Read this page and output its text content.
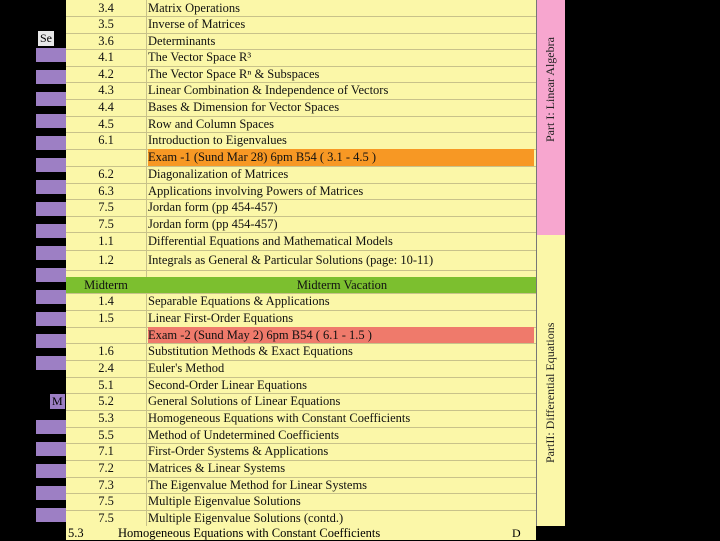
Se
M
3.4	Matrix Operations
3.5	Inverse of Matrices
3.6	Determinants
4.1	The Vector Space R³
4.2	The Vector Space Rⁿ & Subspaces
4.3	Linear Combination & Independence of Vectors
4.4	Bases & Dimension for Vector Spaces
4.5	Row and Column Spaces
6.1	Introduction to Eigenvalues
Exam -1 (Sund Mar 28) 6pm B54 ( 3.1 - 4.5 )
6.2	Diagonalization of Matrices
6.3	Applications involving Powers of Matrices
7.5	Jordan form (pp 454-457)
7.5	Jordan form (pp 454-457)
1.1	Differential Equations and Mathematical Models
1.2	Integrals as General & Particular Solutions (page: 10-11)
Midterm	Midterm Vacation
1.4	Separable Equations & Applications
1.5	Linear First-Order Equations
Exam -2 (Sund May 2) 6pm B54 ( 6.1 - 1.5 )
1.6	Substitution Methods & Exact Equations
2.4	Euler's Method
5.1	Second-Order Linear Equations
5.2	General Solutions of Linear Equations
5.3	Homogeneous Equations with Constant Coefficients
5.5	Method of Undetermined Coefficients
7.1	First-Order Systems & Applications
7.2	Matrices & Linear Systems
7.3	The Eigenvalue Method for Linear Systems
7.5	Multiple Eigenvalue Solutions
7.5	Multiple Eigenvalue Solutions (contd.)
Part I: Linear Algebra
PartII: Differential Equations
5.3	Homogeneous Equations with Constant Coefficients	D
